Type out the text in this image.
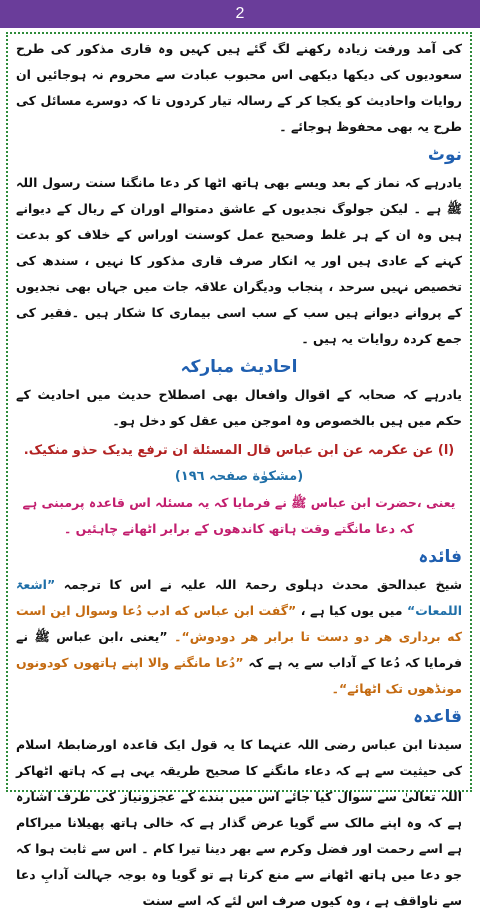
2

کی آمد ورفت زیادہ رکھنے لگ گئے ہیں کہیں وہ قاری مذکور کی طرح سعودیوں کی دیکھا دیکھی اس محبوب عبادت سے محروم نہ ہوجائیں ان روایات واحادیث کو یکجا کر کے رسالہ تیار کردوں تا کہ دوسرے مسائل کی طرح یہ بھی محفوظ ہوجائے ۔

نوٹ

یادرہے کہ نماز کے بعد ویسے بھی ہاتھ اٹھا کر دعا مانگنا سنت رسول اللہ ﷺ ہے ۔ لیکن جولوگ نجدیوں کے عاشق دمتوالے اوران کے ریال کے دیوانے ہیں وہ ان کے ہر غلط وصحیح عمل کوسنت اوراس کے خلاف کو بدعت کہنے کے عادی ہیں اور یہ انکار صرف قاری مذکور کا نہیں ، سندھ کی تخصیص نہیں سرحد ، پنجاب ودیگران علاقہ جات میں جہاں بھی نجدیوں کے پروانے دیوانے ہیں سب کے سب اسی بیماری کا شکار ہیں ۔فقیر کی جمع کردہ روایات یہ ہیں ۔

احادیث مبارکہ

یادرہے کہ صحابہ کے اقوال وافعال بھی اصطلاح حدیث میں احادیث کے حکم میں ہیں بالخصوص وہ اموجن میں عقل کو دخل ہو۔

(ا) عن عکرمہ عن ابن عباس قال المسئلة ان ترفع یدیک حذو منکیک. (مشکوٰة صفحہ ١٩٦)

یعنی ،حضرت ابن عباس ﷺ نے فرمایا کہ یہ مسئلہ اس قاعدہ پرمبنی ہے کہ دعا مانگتے وقت ہاتھ کاندھوں کے برابر اٹھانے چاہئیں ۔

فائدہ

شیخ عبدالحق محدث دہلوی رحمۃ اللہ علیہ نے اس کا ترجمہ ”اشعۃ اللمعات“ میں یوں کیا ہے ، ”گفت ابن عباس که ادب دُعا وسوال این است که برداری هر دو دست تا برابر هر دودوش“۔ ”یعنی ،ابن عباس ﷺ نے فرمایا کہ دُعا کے آداب سے یہ ہے کہ ”دُعا مانگنے والا اپنے ہاتھوں کودونوں مونڈھوں تک اٹھائے“۔

قاعدہ

سیدنا ابن عباس رضی اللہ عنہما کا یہ قول ایک قاعدہ اورضابطۂ اسلام کی حیثیت سے ہے کہ دعاء مانگنے کا صحیح طریقہ یہی ہے کہ ہاتھ اٹھاکر اللہ تعالیٰ سے سوال کیا جائے اس میں بندے کے عجزونیاز کی طرف اشارہ ہے کہ وہ اپنے مالک سے گویا عرض گذار ہے کہ خالی ہاتھ پھیلانا میراکام ہے اسے رحمت اور فضل وکرم سے بھر دینا تیرا کام ۔ اس سے ثابت ہوا کہ جو دعا میں ہاتھ اٹھانے سے منع کرتا ہے تو گویا وہ بوجہ جہالت آدابِ دعا سے ناواقف ہے ، وہ کیوں صرف اس لئے کہ اسے سنت
